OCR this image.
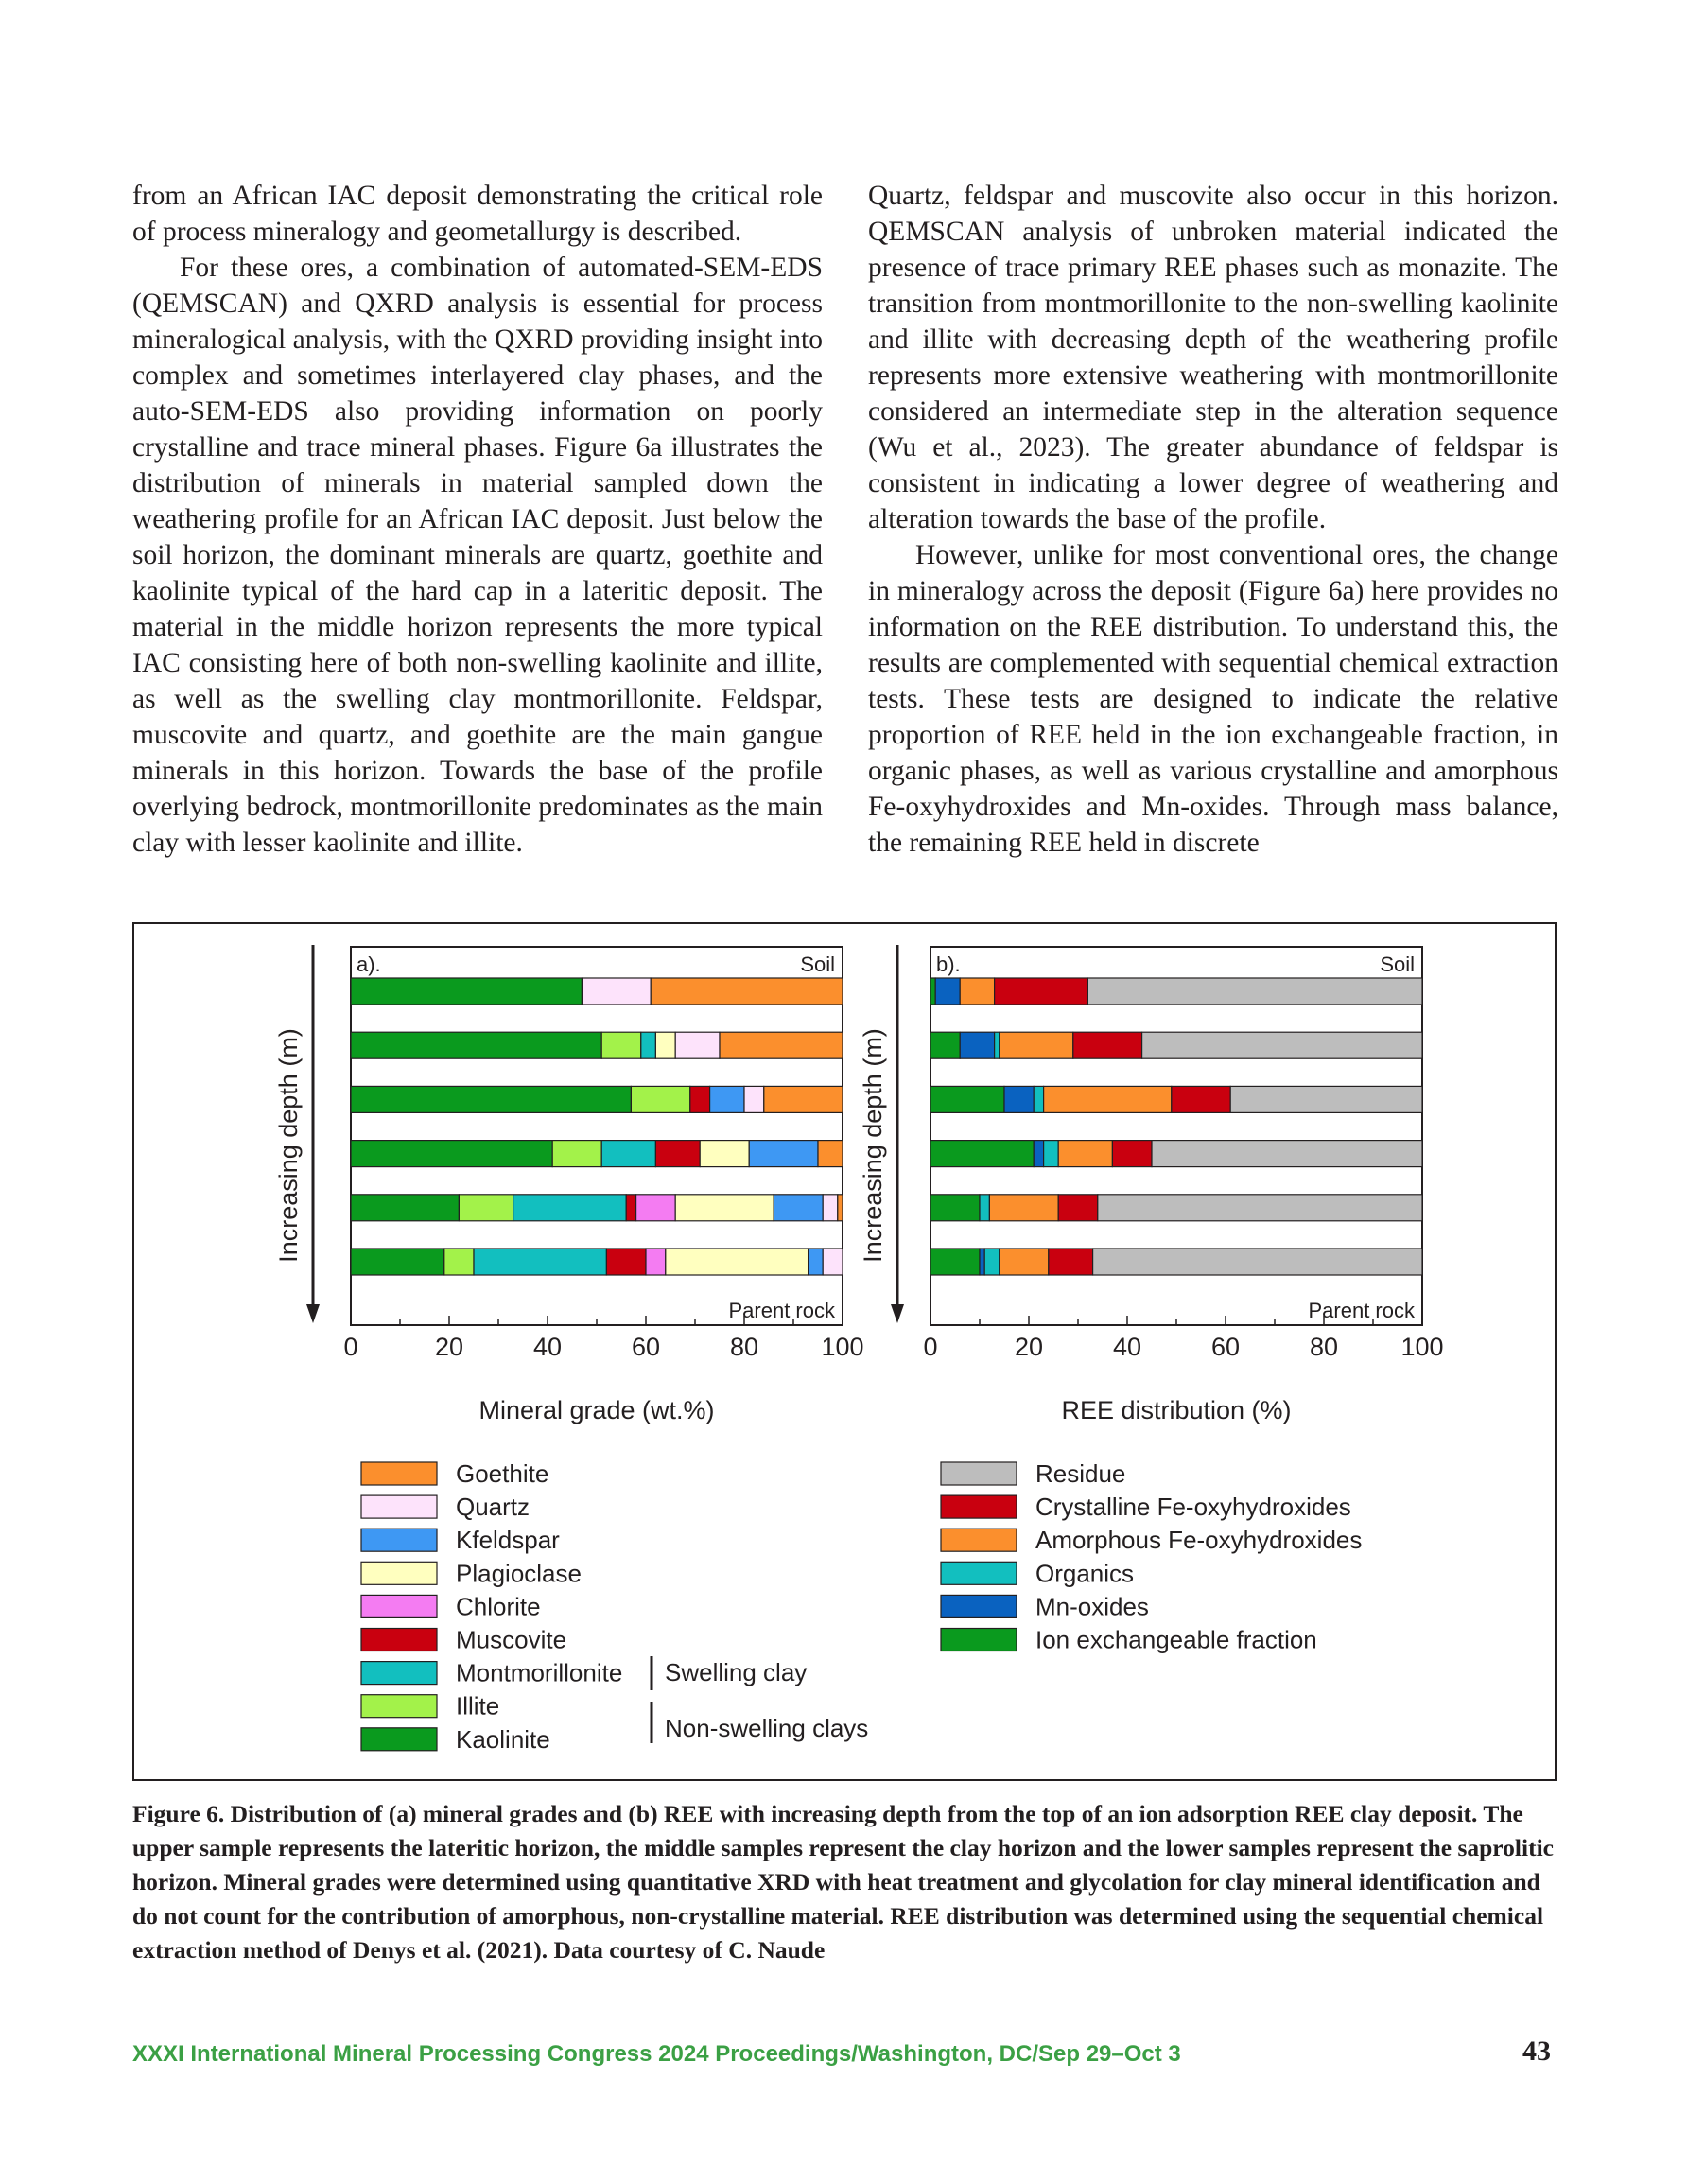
from an African IAC deposit demonstrating the critical role of process mineralogy and geometallurgy is described.

For these ores, a combination of automated-SEM-EDS (QEMSCAN) and QXRD analysis is essential for process mineralogical analysis, with the QXRD providing insight into complex and sometimes interlayered clay phases, and the auto-SEM-EDS also providing information on poorly crystalline and trace mineral phases. Figure 6a illustrates the distribution of minerals in material sampled down the weathering profile for an African IAC deposit. Just below the soil horizon, the dominant minerals are quartz, goethite and kaolinite typical of the hard cap in a lateritic deposit. The material in the middle horizon represents the more typical IAC consisting here of both non-swelling kaolinite and illite, as well as the swelling clay montmorillonite. Feldspar, muscovite and quartz, and goethite are the main gangue minerals in this horizon. Towards the base of the profile overlying bedrock, montmorillonite predominates as the main clay with lesser kaolinite and illite.

Quartz, feldspar and muscovite also occur in this horizon. QEMSCAN analysis of unbroken material indicated the presence of trace primary REE phases such as monazite. The transition from montmorillonite to the non-swelling kaolinite and illite with decreasing depth of the weathering profile represents more extensive weathering with montmorillonite considered an intermediate step in the alteration sequence (Wu et al., 2023). The greater abundance of feldspar is consistent in indicating a lower degree of weathering and alteration towards the base of the profile.

However, unlike for most conventional ores, the change in mineralogy across the deposit (Figure 6a) here provides no information on the REE distribution. To understand this, the results are complemented with sequential chemical extraction tests. These tests are designed to indicate the relative proportion of REE held in the ion exchangeable fraction, in organic phases, as well as various crystalline and amorphous Fe-oxyhydroxides and Mn-oxides. Through mass balance, the remaining REE held in discrete

a).	Soil
Parent rock
0	20	40	60	80 100
Mineral grade (wt.%)
Increasing depth (m)
b).	Soil
Parent rock
0	20	40	60	80 100
REE distribution (%)
Increasing depth (m)
Goethite
Quartz
Kfeldspar
Plagioclase
Chlorite
Muscovite
Montmorillonite
Illite
Kaolinite
Residue
Crystalline Fe-oxyhydroxides
Amorphous Fe-oxyhydroxides
Organics
Mn-oxides
Ion exchangeable fraction
Swelling clay
Non-swelling clays
Figure 6. Distribution of (a) mineral grades and (b) REE with increasing depth from the top of an ion adsorption REE clay deposit. The upper sample represents the lateritic horizon, the middle samples represent the clay horizon and the lower samples represent the saprolitic horizon. Mineral grades were determined using quantitative XRD with heat treatment and glycolation for clay mineral identification and do not count for the contribution of amorphous, non-crystalline material. REE distribution was determined using the sequential chemical extraction method of Denys et al. (2021). Data courtesy of C. Naude
XXXI International Mineral Processing Congress 2024 Proceedings/Washington, DC/Sep 29–Oct 3	43
